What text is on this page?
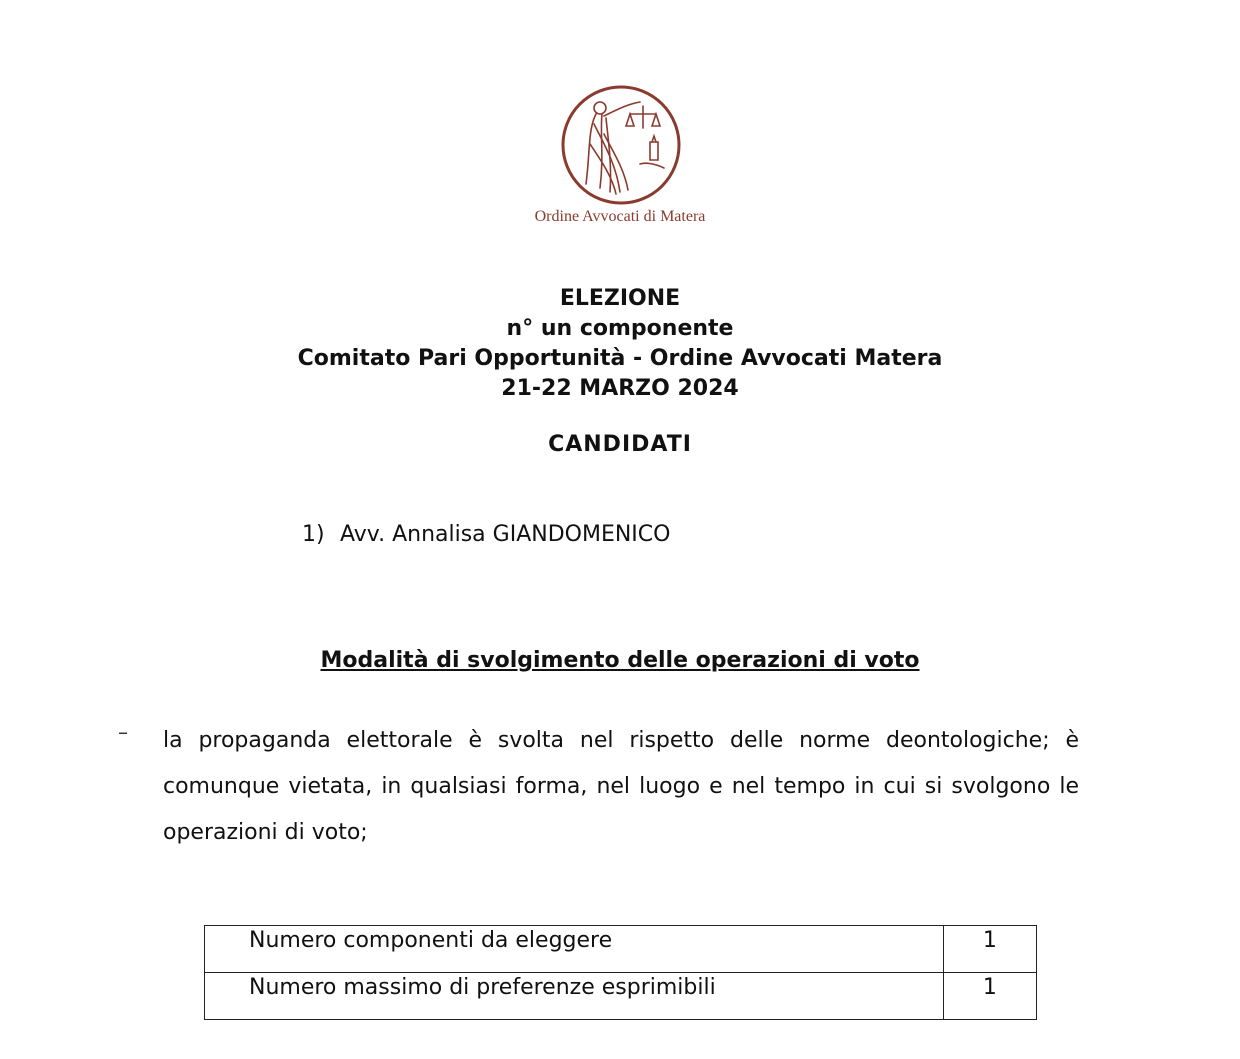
Ordine Avvocati di Matera
ELEZIONE
n° un componente
Comitato Pari Opportunità - Ordine Avvocati Matera
21-22 MARZO 2024
CANDIDATI
1) Avv. Annalisa GIANDOMENICO
Modalità di svolgimento delle operazioni di voto
– la propaganda elettorale è svolta nel rispetto delle norme deontologiche; è comunque vietata, in qualsiasi forma, nel luogo e nel tempo in cui si svolgono le operazioni di voto;
Numero componenti da eleggere	1
Numero massimo di preferenze esprimibili	1
